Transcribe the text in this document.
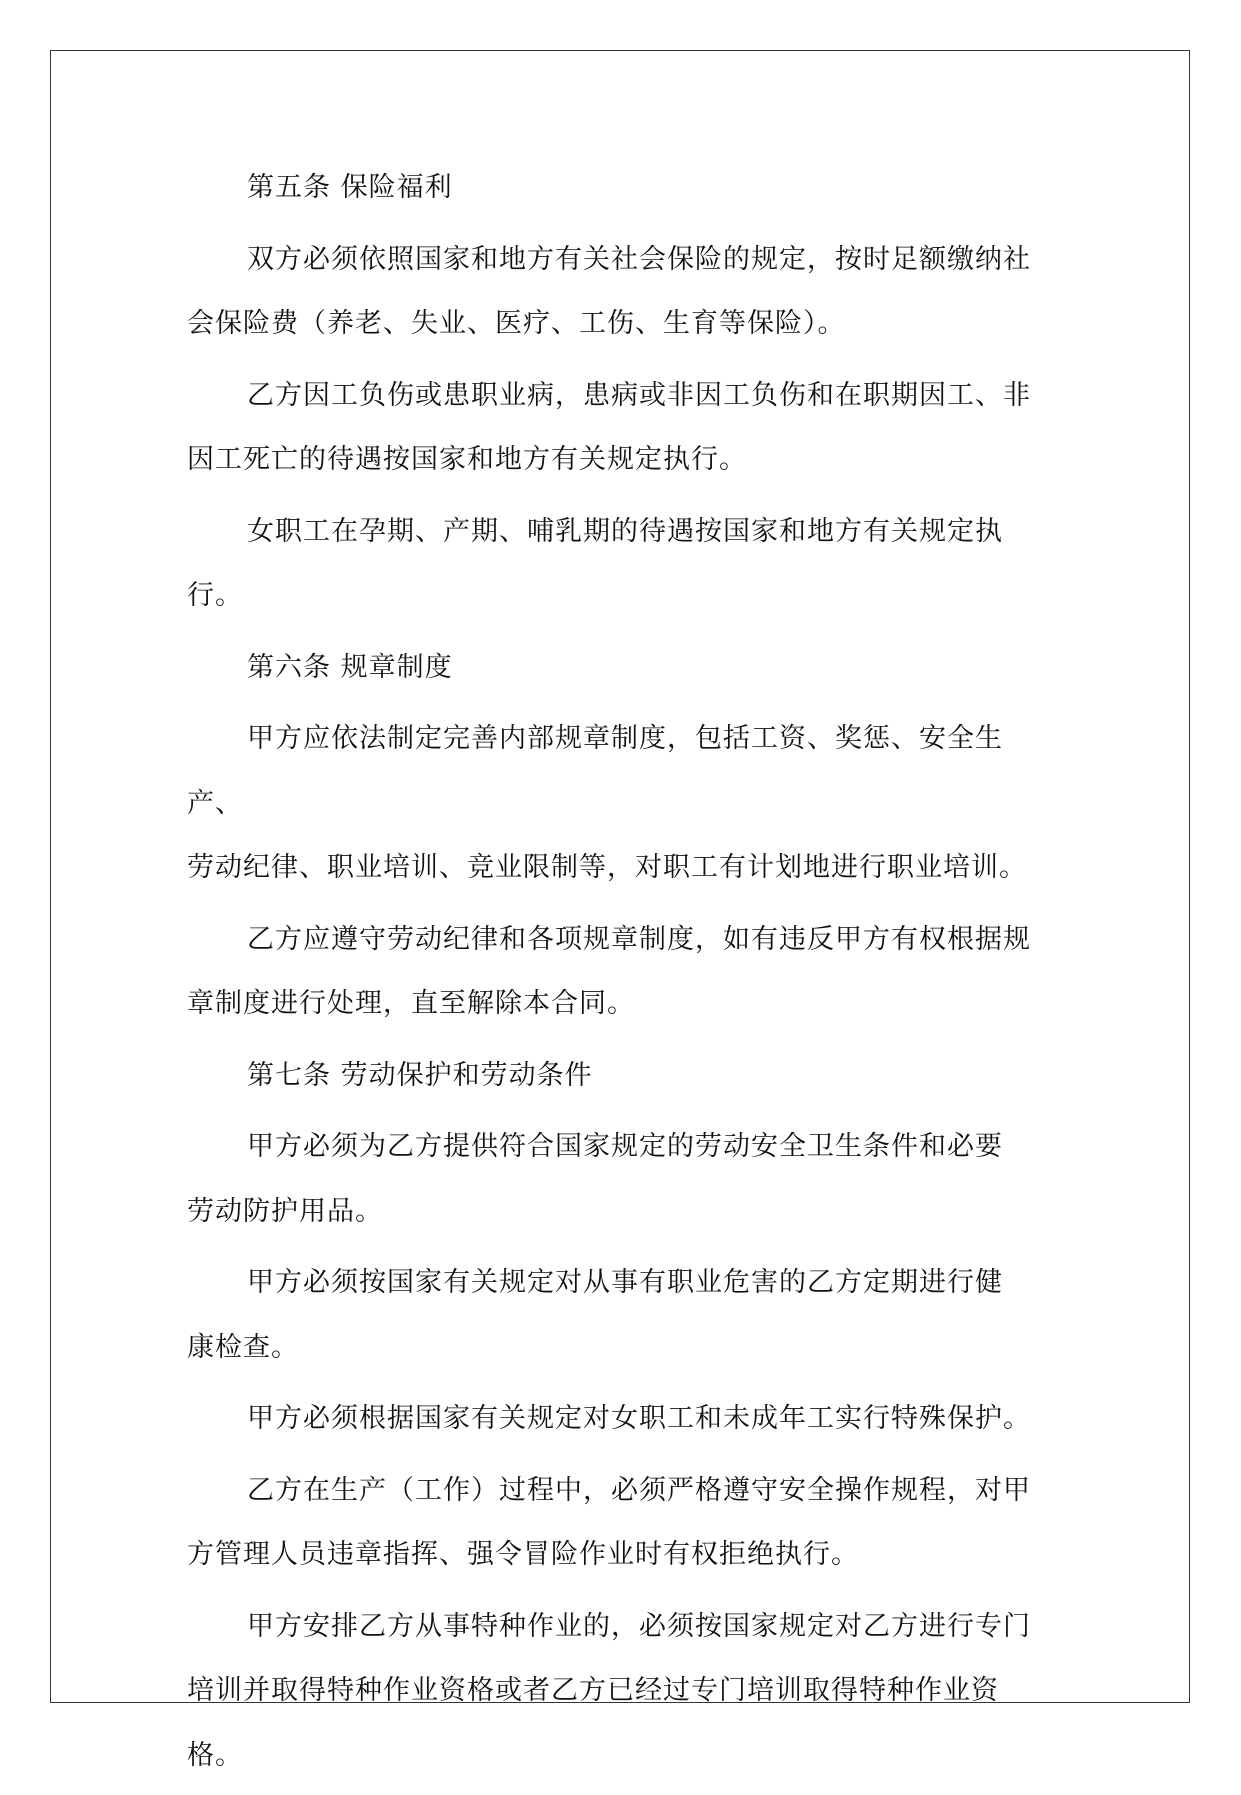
第五条 保险福利

双方必须依照国家和地方有关社会保险的规定，按时足额缴纳社
会保险费（养老、失业、医疗、工伤、生育等保险）。

乙方因工负伤或患职业病，患病或非因工负伤和在职期因工、非
因工死亡的待遇按国家和地方有关规定执行。

女职工在孕期、产期、哺乳期的待遇按国家和地方有关规定执行。

第六条 规章制度

甲方应依法制定完善内部规章制度，包括工资、奖惩、安全生产、
劳动纪律、职业培训、竞业限制等，对职工有计划地进行职业培训。

乙方应遵守劳动纪律和各项规章制度，如有违反甲方有权根据规
章制度进行处理，直至解除本合同。

第七条 劳动保护和劳动条件

甲方必须为乙方提供符合国家规定的劳动安全卫生条件和必要
劳动防护用品。

甲方必须按国家有关规定对从事有职业危害的乙方定期进行健
康检查。

甲方必须根据国家有关规定对女职工和未成年工实行特殊保护。

乙方在生产（工作）过程中，必须严格遵守安全操作规程，对甲
方管理人员违章指挥、强令冒险作业时有权拒绝执行。

甲方安排乙方从事特种作业的，必须按国家规定对乙方进行专门
培训并取得特种作业资格或者乙方已经过专门培训取得特种作业资
格。
